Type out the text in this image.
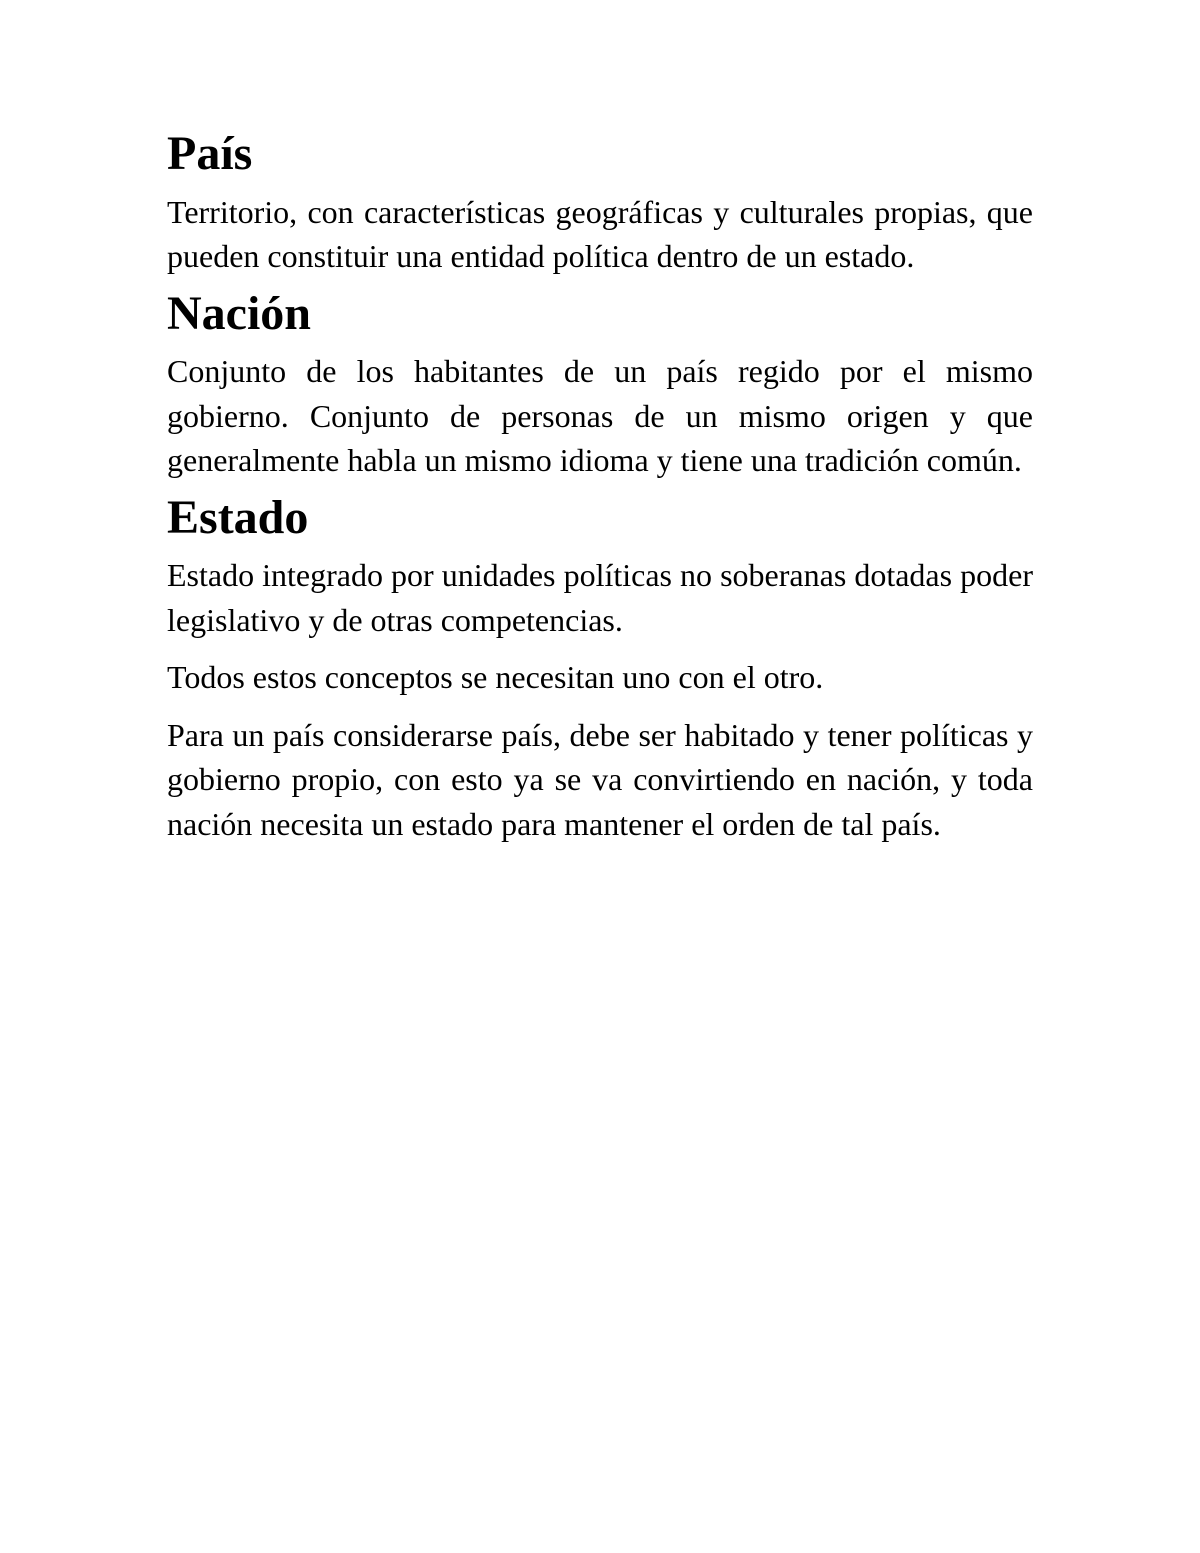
País

Territorio, con características geográficas y culturales propias, que pueden constituir una entidad política dentro de un estado.

Nación

Conjunto de los habitantes de un país regido por el mismo gobierno. Conjunto de personas de un mismo origen y que generalmente habla un mismo idioma y tiene una tradición común.

Estado

Estado integrado por unidades políticas no soberanas dotadas poder legislativo y de otras competencias.

Todos estos conceptos se necesitan uno con el otro.

Para un país considerarse país, debe ser habitado y tener políticas y gobierno propio, con esto ya se va convirtiendo en nación, y toda nación necesita un estado para mantener el orden de tal país.
